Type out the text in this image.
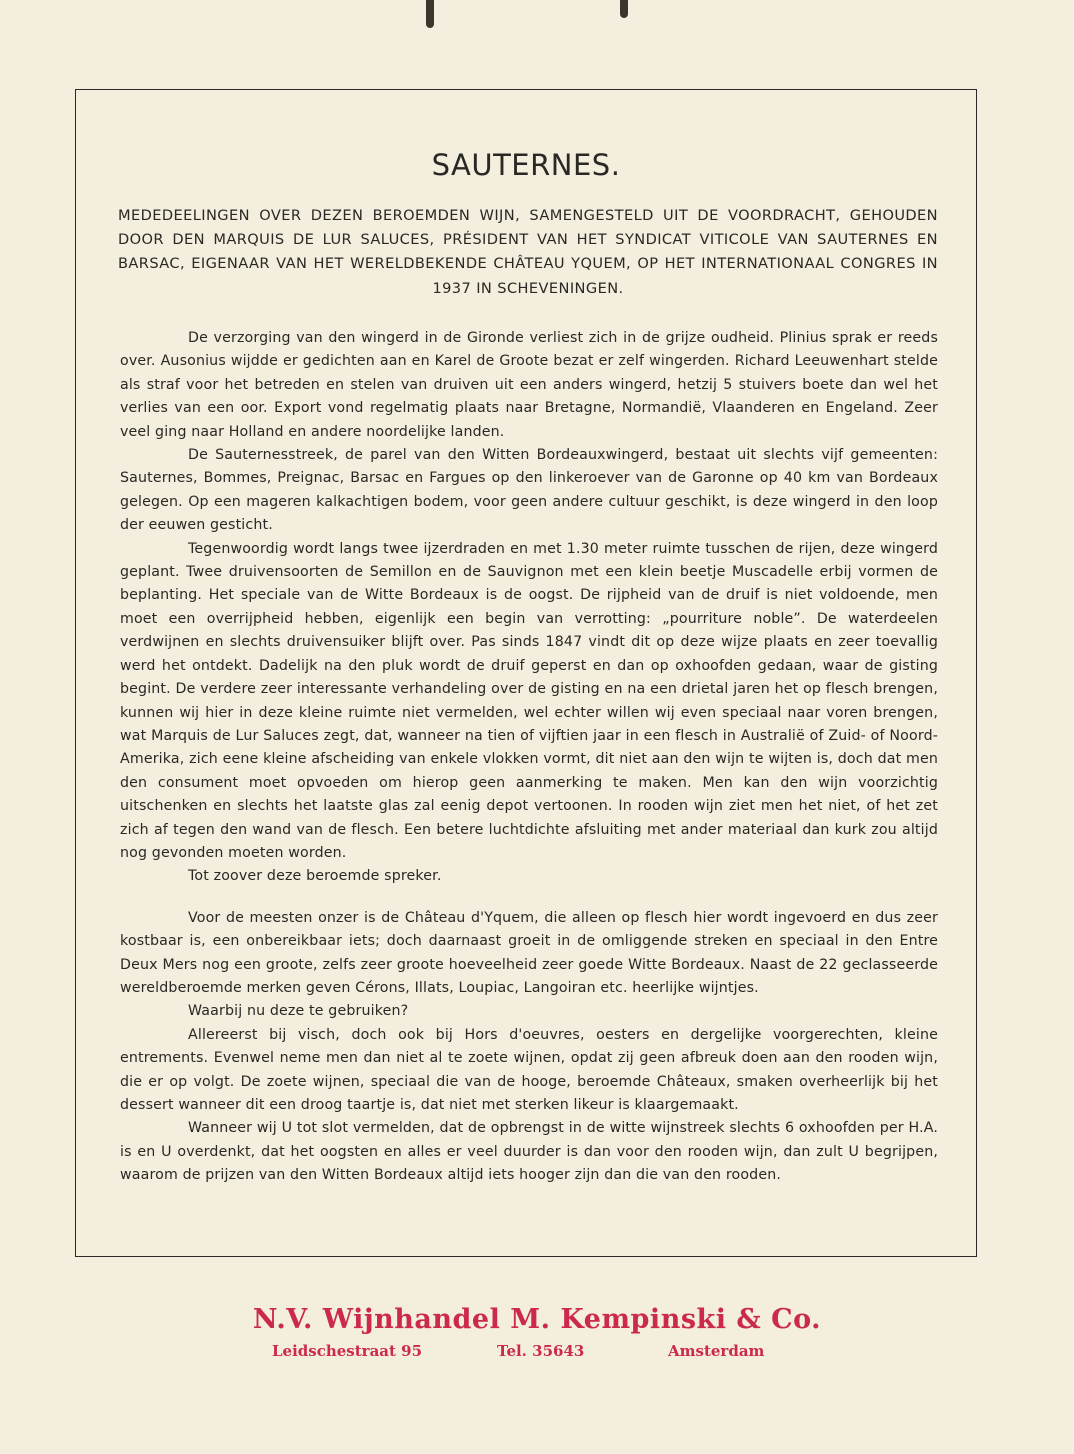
SAUTERNES.

MEDEDEELINGEN OVER DEZEN BEROEMDEN WIJN, SAMENGESTELD UIT DE VOORDRACHT, GEHOUDEN DOOR DEN MARQUIS DE LUR SALUCES, PRÉSIDENT VAN HET SYNDICAT VITICOLE VAN SAUTERNES EN BARSAC, EIGENAAR VAN HET WERELDBEKENDE CHÂTEAU YQUEM, OP HET INTERNATIONAAL CONGRES IN 1937 IN SCHEVENINGEN.

De verzorging van den wingerd in de Gironde verliest zich in de grijze oudheid. Plinius sprak er reeds over. Ausonius wijdde er gedichten aan en Karel de Groote bezat er zelf wingerden. Richard Leeuwenhart stelde als straf voor het betreden en stelen van druiven uit een anders wingerd, hetzij 5 stuivers boete dan wel het verlies van een oor. Export vond regelmatig plaats naar Bretagne, Normandië, Vlaanderen en Engeland. Zeer veel ging naar Holland en andere noordelijke landen.

De Sauternesstreek, de parel van den Witten Bordeauxwingerd, bestaat uit slechts vijf gemeenten: Sauternes, Bommes, Preignac, Barsac en Fargues op den linkeroever van de Garonne op 40 km van Bordeaux gelegen. Op een mageren kalkachtigen bodem, voor geen andere cultuur geschikt, is deze wingerd in den loop der eeuwen gesticht.

Tegenwoordig wordt langs twee ijzerdraden en met 1.30 meter ruimte tusschen de rijen, deze wingerd geplant. Twee druivensoorten de Semillon en de Sauvignon met een klein beetje Muscadelle erbij vormen de beplanting. Het speciale van de Witte Bordeaux is de oogst. De rijpheid van de druif is niet voldoende, men moet een overrijpheid hebben, eigenlijk een begin van verrotting: „pourriture noble”. De waterdeelen verdwijnen en slechts druivensuiker blijft over. Pas sinds 1847 vindt dit op deze wijze plaats en zeer toevallig werd het ontdekt. Dadelijk na den pluk wordt de druif geperst en dan op oxhoofden gedaan, waar de gisting begint. De verdere zeer interessante verhandeling over de gisting en na een drietal jaren het op flesch brengen, kunnen wij hier in deze kleine ruimte niet vermelden, wel echter willen wij even speciaal naar voren brengen, wat Marquis de Lur Saluces zegt, dat, wanneer na tien of vijftien jaar in een flesch in Australië of Zuid- of Noord-Amerika, zich eene kleine afscheiding van enkele vlokken vormt, dit niet aan den wijn te wijten is, doch dat men den consument moet opvoeden om hierop geen aanmerking te maken. Men kan den wijn voorzichtig uitschenken en slechts het laatste glas zal eenig depot vertoonen. In rooden wijn ziet men het niet, of het zet zich af tegen den wand van de flesch. Een betere luchtdichte afsluiting met ander materiaal dan kurk zou altijd nog gevonden moeten worden.

Tot zoover deze beroemde spreker.

Voor de meesten onzer is de Château d'Yquem, die alleen op flesch hier wordt ingevoerd en dus zeer kostbaar is, een onbereikbaar iets; doch daarnaast groeit in de omliggende streken en speciaal in den Entre Deux Mers nog een groote, zelfs zeer groote hoeveelheid zeer goede Witte Bordeaux. Naast de 22 geclasseerde wereldberoemde merken geven Cérons, Illats, Loupiac, Langoiran etc. heerlijke wijntjes.

Waarbij nu deze te gebruiken?

Allereerst bij visch, doch ook bij Hors d'oeuvres, oesters en dergelijke voorgerechten, kleine entrements. Evenwel neme men dan niet al te zoete wijnen, opdat zij geen afbreuk doen aan den rooden wijn, die er op volgt. De zoete wijnen, speciaal die van de hooge, beroemde Châteaux, smaken overheerlijk bij het dessert wanneer dit een droog taartje is, dat niet met sterken likeur is klaargemaakt.

Wanneer wij U tot slot vermelden, dat de opbrengst in de witte wijnstreek slechts 6 oxhoofden per H.A. is en U overdenkt, dat het oogsten en alles er veel duurder is dan voor den rooden wijn, dan zult U begrijpen, waarom de prijzen van den Witten Bordeaux altijd iets hooger zijn dan die van den rooden.

N.V. Wijnhandel M. Kempinski & Co.
Leidschestraat 95	Tel. 35643	Amsterdam
